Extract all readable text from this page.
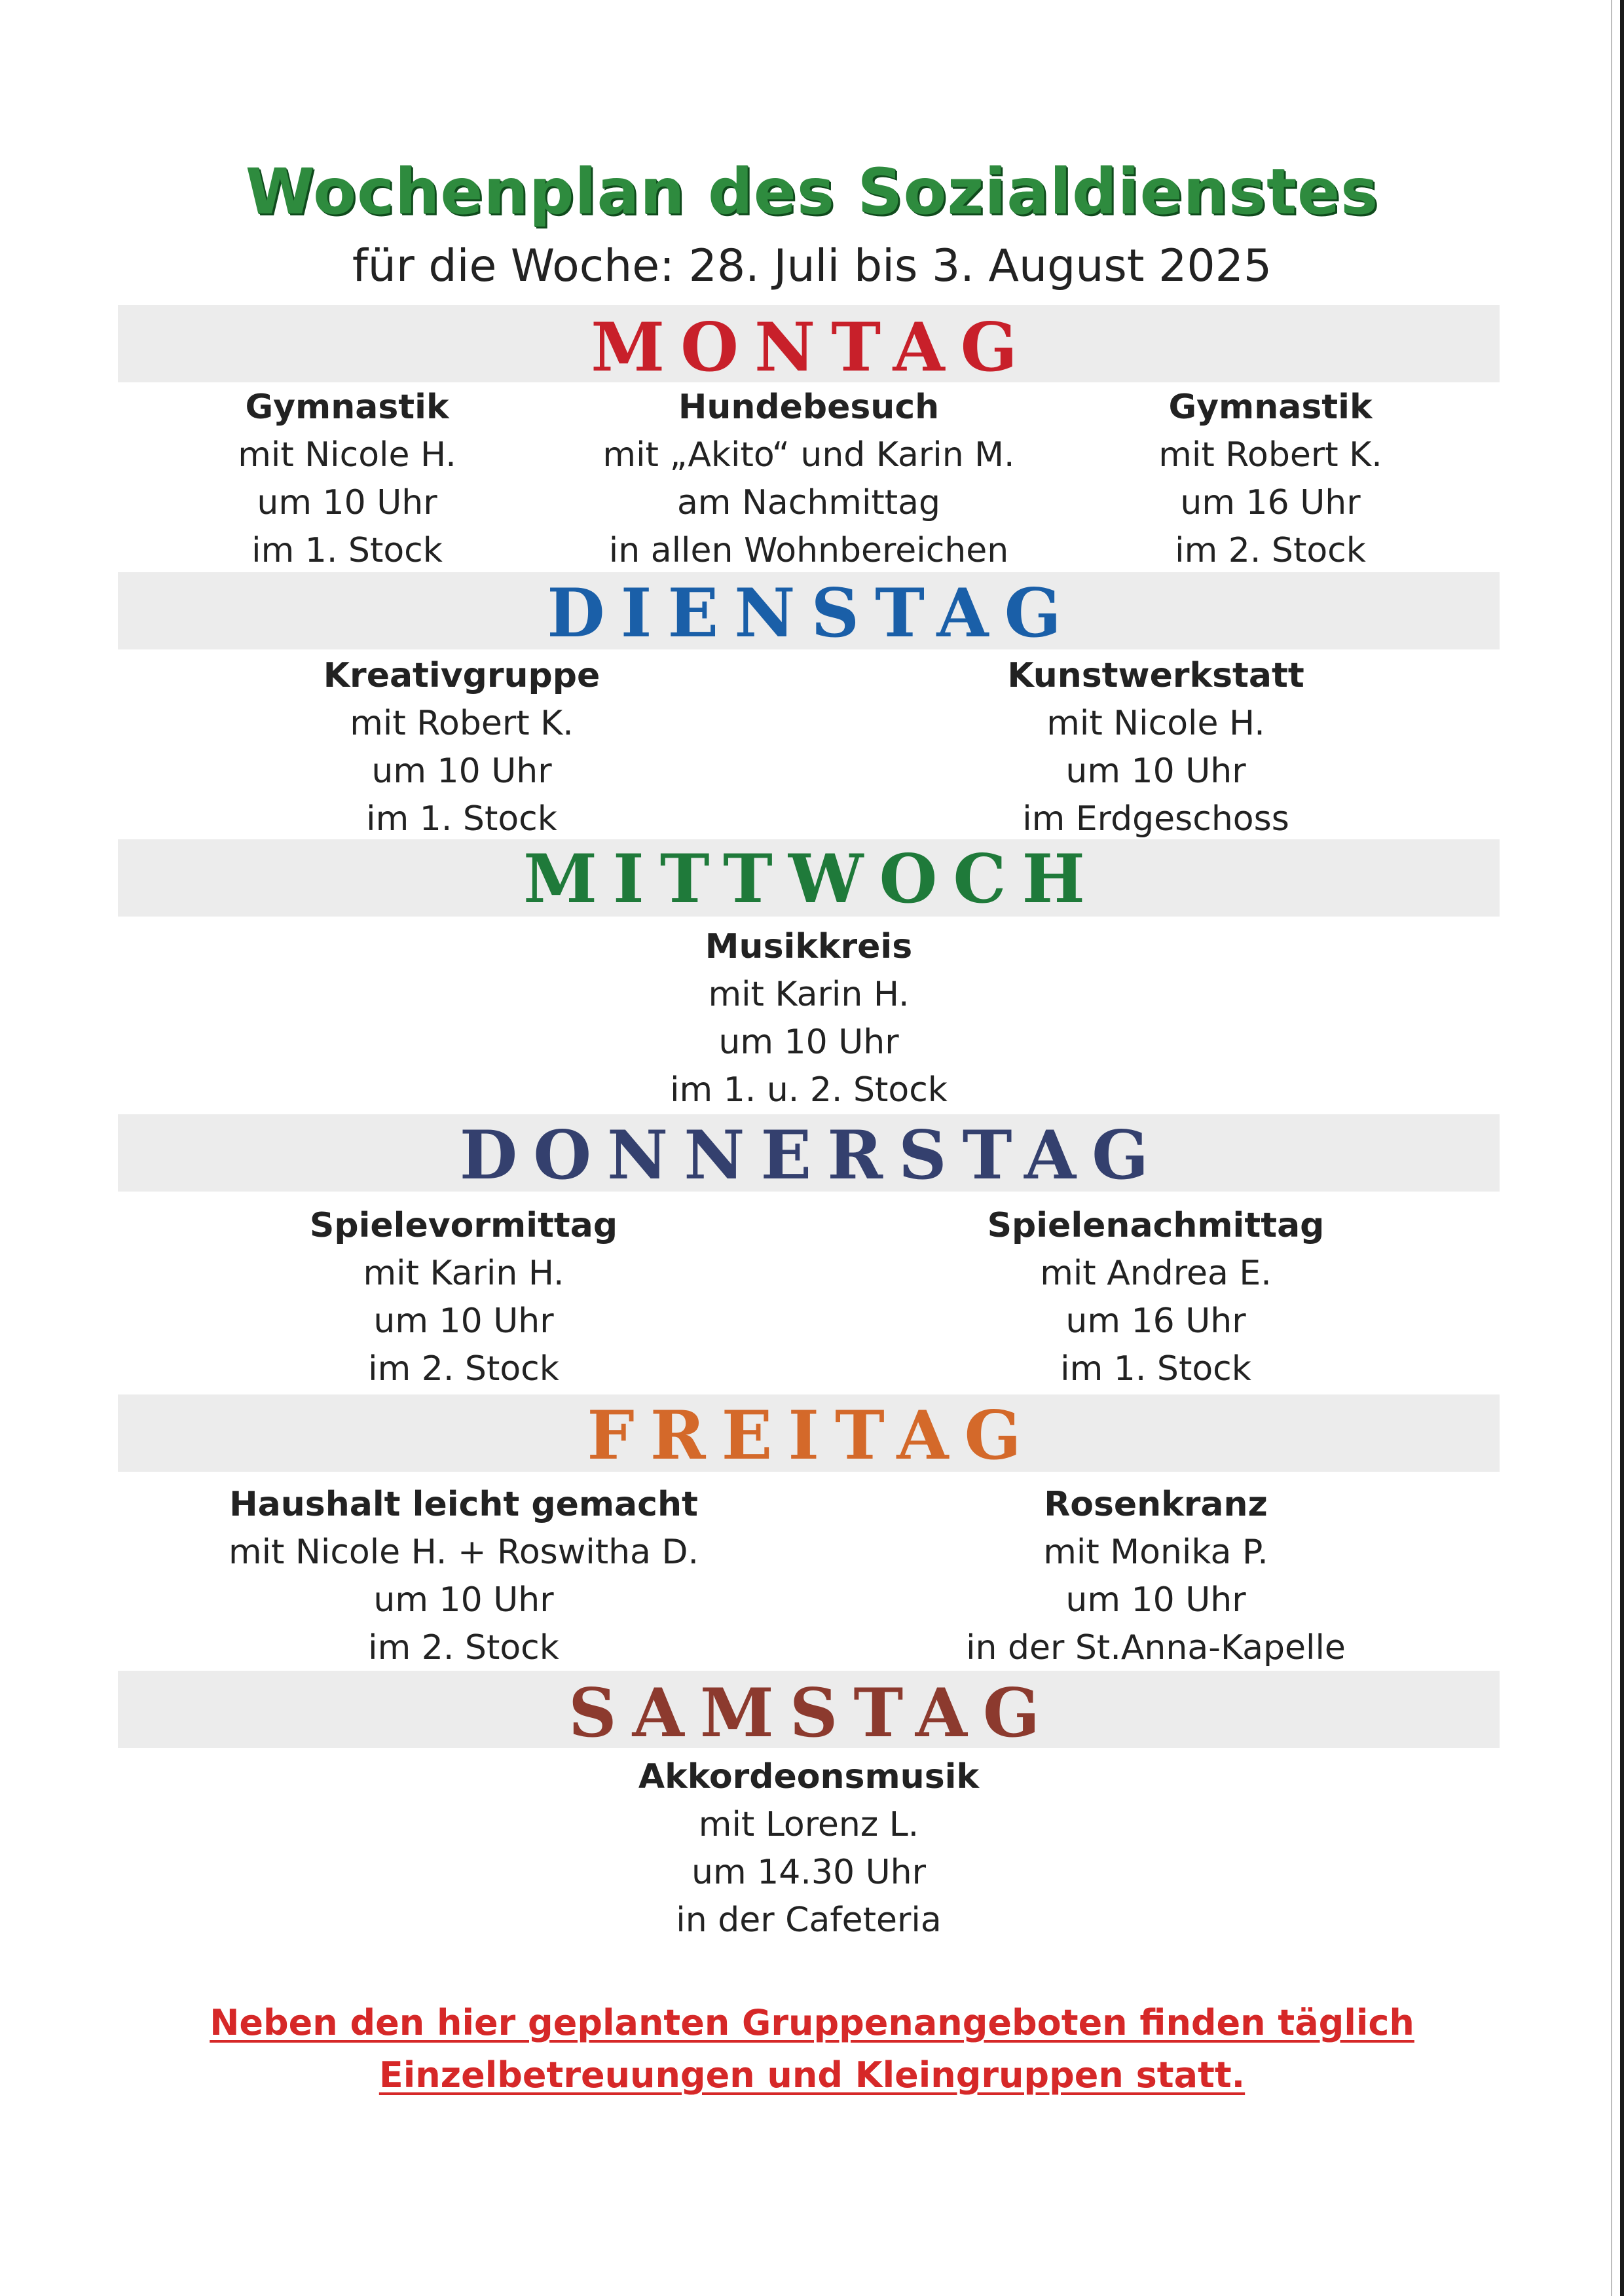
Wochenplan des Sozialdienstes
für die Woche: 28. Juli bis 3. August 2025
MONTAG
Gymnastik
mit Nicole H.
um 10 Uhr
im 1. Stock
Hundebesuch
mit „Akito“ und Karin M.
am Nachmittag
in allen Wohnbereichen
Gymnastik
mit Robert K.
um 16 Uhr
im 2. Stock
DIENSTAG
Kreativgruppe
mit Robert K.
um 10 Uhr
im 1. Stock
Kunstwerkstatt
mit Nicole H.
um 10 Uhr
im Erdgeschoss
MITTWOCH
Musikkreis
mit Karin H.
um 10 Uhr
im 1. u. 2. Stock
DONNERSTAG
Spielevormittag
mit Karin H.
um 10 Uhr
im 2. Stock
Spielenachmittag
mit Andrea E.
um 16 Uhr
im 1. Stock
FREITAG
Haushalt leicht gemacht
mit Nicole H. + Roswitha D.
um 10 Uhr
im 2. Stock
Rosenkranz
mit Monika P.
um 10 Uhr
in der St.Anna-Kapelle
SAMSTAG
Akkordeonsmusik
mit Lorenz L.
um 14.30 Uhr
in der Cafeteria
Neben den hier geplanten Gruppenangeboten finden täglich
Einzelbetreuungen und Kleingruppen statt.
